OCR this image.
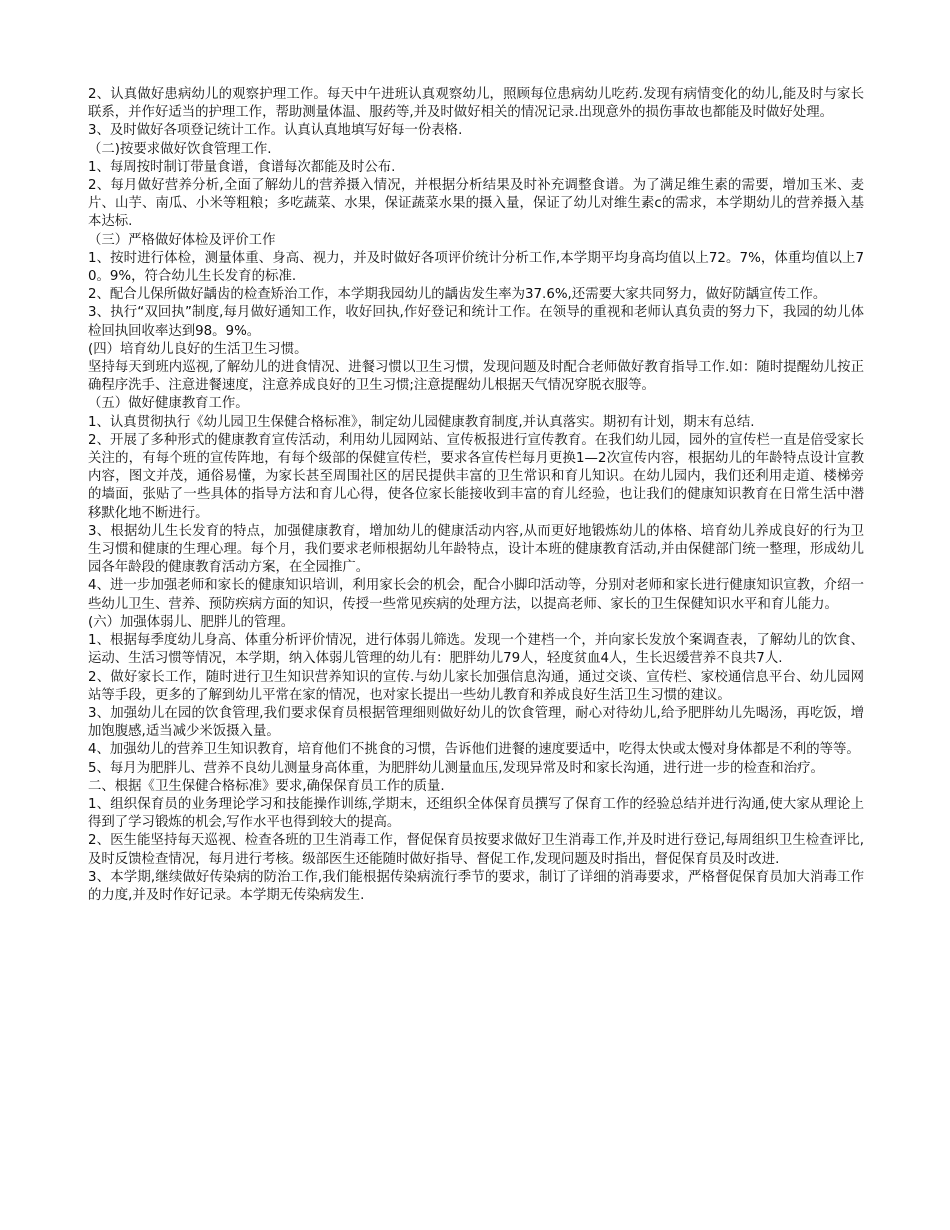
2、认真做好患病幼儿的观察护理工作。每天中午进班认真观察幼儿，照顾每位患病幼儿吃药.发现有病情变化的幼儿,能及时与家长联系，并作好适当的护理工作，帮助测量体温、服药等,并及时做好相关的情况记录.出现意外的损伤事故也都能及时做好处理。

3、及时做好各项登记统计工作。认真认真地填写好每一份表格.

（二)按要求做好饮食管理工作.

1、每周按时制订带量食谱，食谱每次都能及时公布.

2、每月做好营养分析,全面了解幼儿的营养摄入情况，并根据分析结果及时补充调整食谱。为了满足维生素的需要，增加玉米、麦片、山芋、南瓜、小米等粗粮；多吃蔬菜、水果，保证蔬菜水果的摄入量，保证了幼儿对维生素c的需求，本学期幼儿的营养摄入基本达标.

（三）严格做好体检及评价工作

1、按时进行体检，测量体重、身高、视力，并及时做好各项评价统计分析工作,本学期平均身高均值以上72。7%，体重均值以上70。9%，符合幼儿生长发育的标准.

2、配合儿保所做好龋齿的检查矫治工作，本学期我园幼儿的龋齿发生率为37.6%,还需要大家共同努力，做好防龋宣传工作。

3、执行“双回执”制度,每月做好通知工作，收好回执,作好登记和统计工作。在领导的重视和老师认真负责的努力下，我园的幼儿体检回执回收率达到98。9%。

(四）培育幼儿良好的生活卫生习惯。

坚持每天到班内巡视,了解幼儿的进食情况、进餐习惯以卫生习惯，发现问题及时配合老师做好教育指导工作.如：随时提醒幼儿按正确程序洗手、注意进餐速度，注意养成良好的卫生习惯;注意提醒幼儿根据天气情况穿脱衣服等。

（五）做好健康教育工作。

1、认真贯彻执行《幼儿园卫生保健合格标准》，制定幼儿园健康教育制度,并认真落实。期初有计划，期末有总结.

2、开展了多种形式的健康教育宣传活动，利用幼儿园网站、宣传板报进行宣传教育。在我们幼儿园，园外的宣传栏一直是倍受家长关注的，有每个班的宣传阵地，有每个级部的保健宣传栏，要求各宣传栏每月更换1—2次宣传内容，根据幼儿的年龄特点设计宣教内容，图文并茂，通俗易懂，为家长甚至周围社区的居民提供丰富的卫生常识和育儿知识。在幼儿园内，我们还利用走道、楼梯旁的墙面，张贴了一些具体的指导方法和育儿心得，使各位家长能接收到丰富的育儿经验，也让我们的健康知识教育在日常生活中潜移默化地不断进行。

3、根据幼儿生长发育的特点，加强健康教育，增加幼儿的健康活动内容,从而更好地锻炼幼儿的体格、培育幼儿养成良好的行为卫生习惯和健康的生理心理。每个月，我们要求老师根据幼儿年龄特点，设计本班的健康教育活动,并由保健部门统一整理，形成幼儿园各年龄段的健康教育活动方案，在全园推广。

4、进一步加强老师和家长的健康知识培训，利用家长会的机会，配合小脚印活动等，分别对老师和家长进行健康知识宣教，介绍一些幼儿卫生、营养、预防疾病方面的知识，传授一些常见疾病的处理方法，以提高老师、家长的卫生保健知识水平和育儿能力。

(六）加强体弱儿、肥胖儿的管理。

1、根据每季度幼儿身高、体重分析评价情况，进行体弱儿筛选。发现一个建档一个，并向家长发放个案调查表，了解幼儿的饮食、运动、生活习惯等情况，本学期，纳入体弱儿管理的幼儿有：肥胖幼儿79人，轻度贫血4人，生长迟缓营养不良共7人.

2、做好家长工作，随时进行卫生知识营养知识的宣传.与幼儿家长加强信息沟通，通过交谈、宣传栏、家校通信息平台、幼儿园网站等手段，更多的了解到幼儿平常在家的情况，也对家长提出一些幼儿教育和养成良好生活卫生习惯的建议。

3、加强幼儿在园的饮食管理,我们要求保育员根据管理细则做好幼儿的饮食管理，耐心对待幼儿,给予肥胖幼儿先喝汤，再吃饭，增加饱腹感,适当减少米饭摄入量。

4、加强幼儿的营养卫生知识教育，培育他们不挑食的习惯，告诉他们进餐的速度要适中，吃得太快或太慢对身体都是不利的等等。

5、每月为肥胖儿、营养不良幼儿测量身高体重，为肥胖幼儿测量血压,发现异常及时和家长沟通，进行进一步的检查和治疗。

二、根据《卫生保健合格标准》要求,确保保育员工作的质量.

1、组织保育员的业务理论学习和技能操作训练,学期末，还组织全体保育员撰写了保育工作的经验总结并进行沟通,使大家从理论上得到了学习锻炼的机会,写作水平也得到较大的提高。

2、医生能坚持每天巡视、检查各班的卫生消毒工作，督促保育员按要求做好卫生消毒工作,并及时进行登记,每周组织卫生检查评比,及时反馈检查情况，每月进行考核。级部医生还能随时做好指导、督促工作,发现问题及时指出，督促保育员及时改进.

3、本学期,继续做好传染病的防治工作,我们能根据传染病流行季节的要求，制订了详细的消毒要求，严格督促保育员加大消毒工作的力度,并及时作好记录。本学期无传染病发生.
